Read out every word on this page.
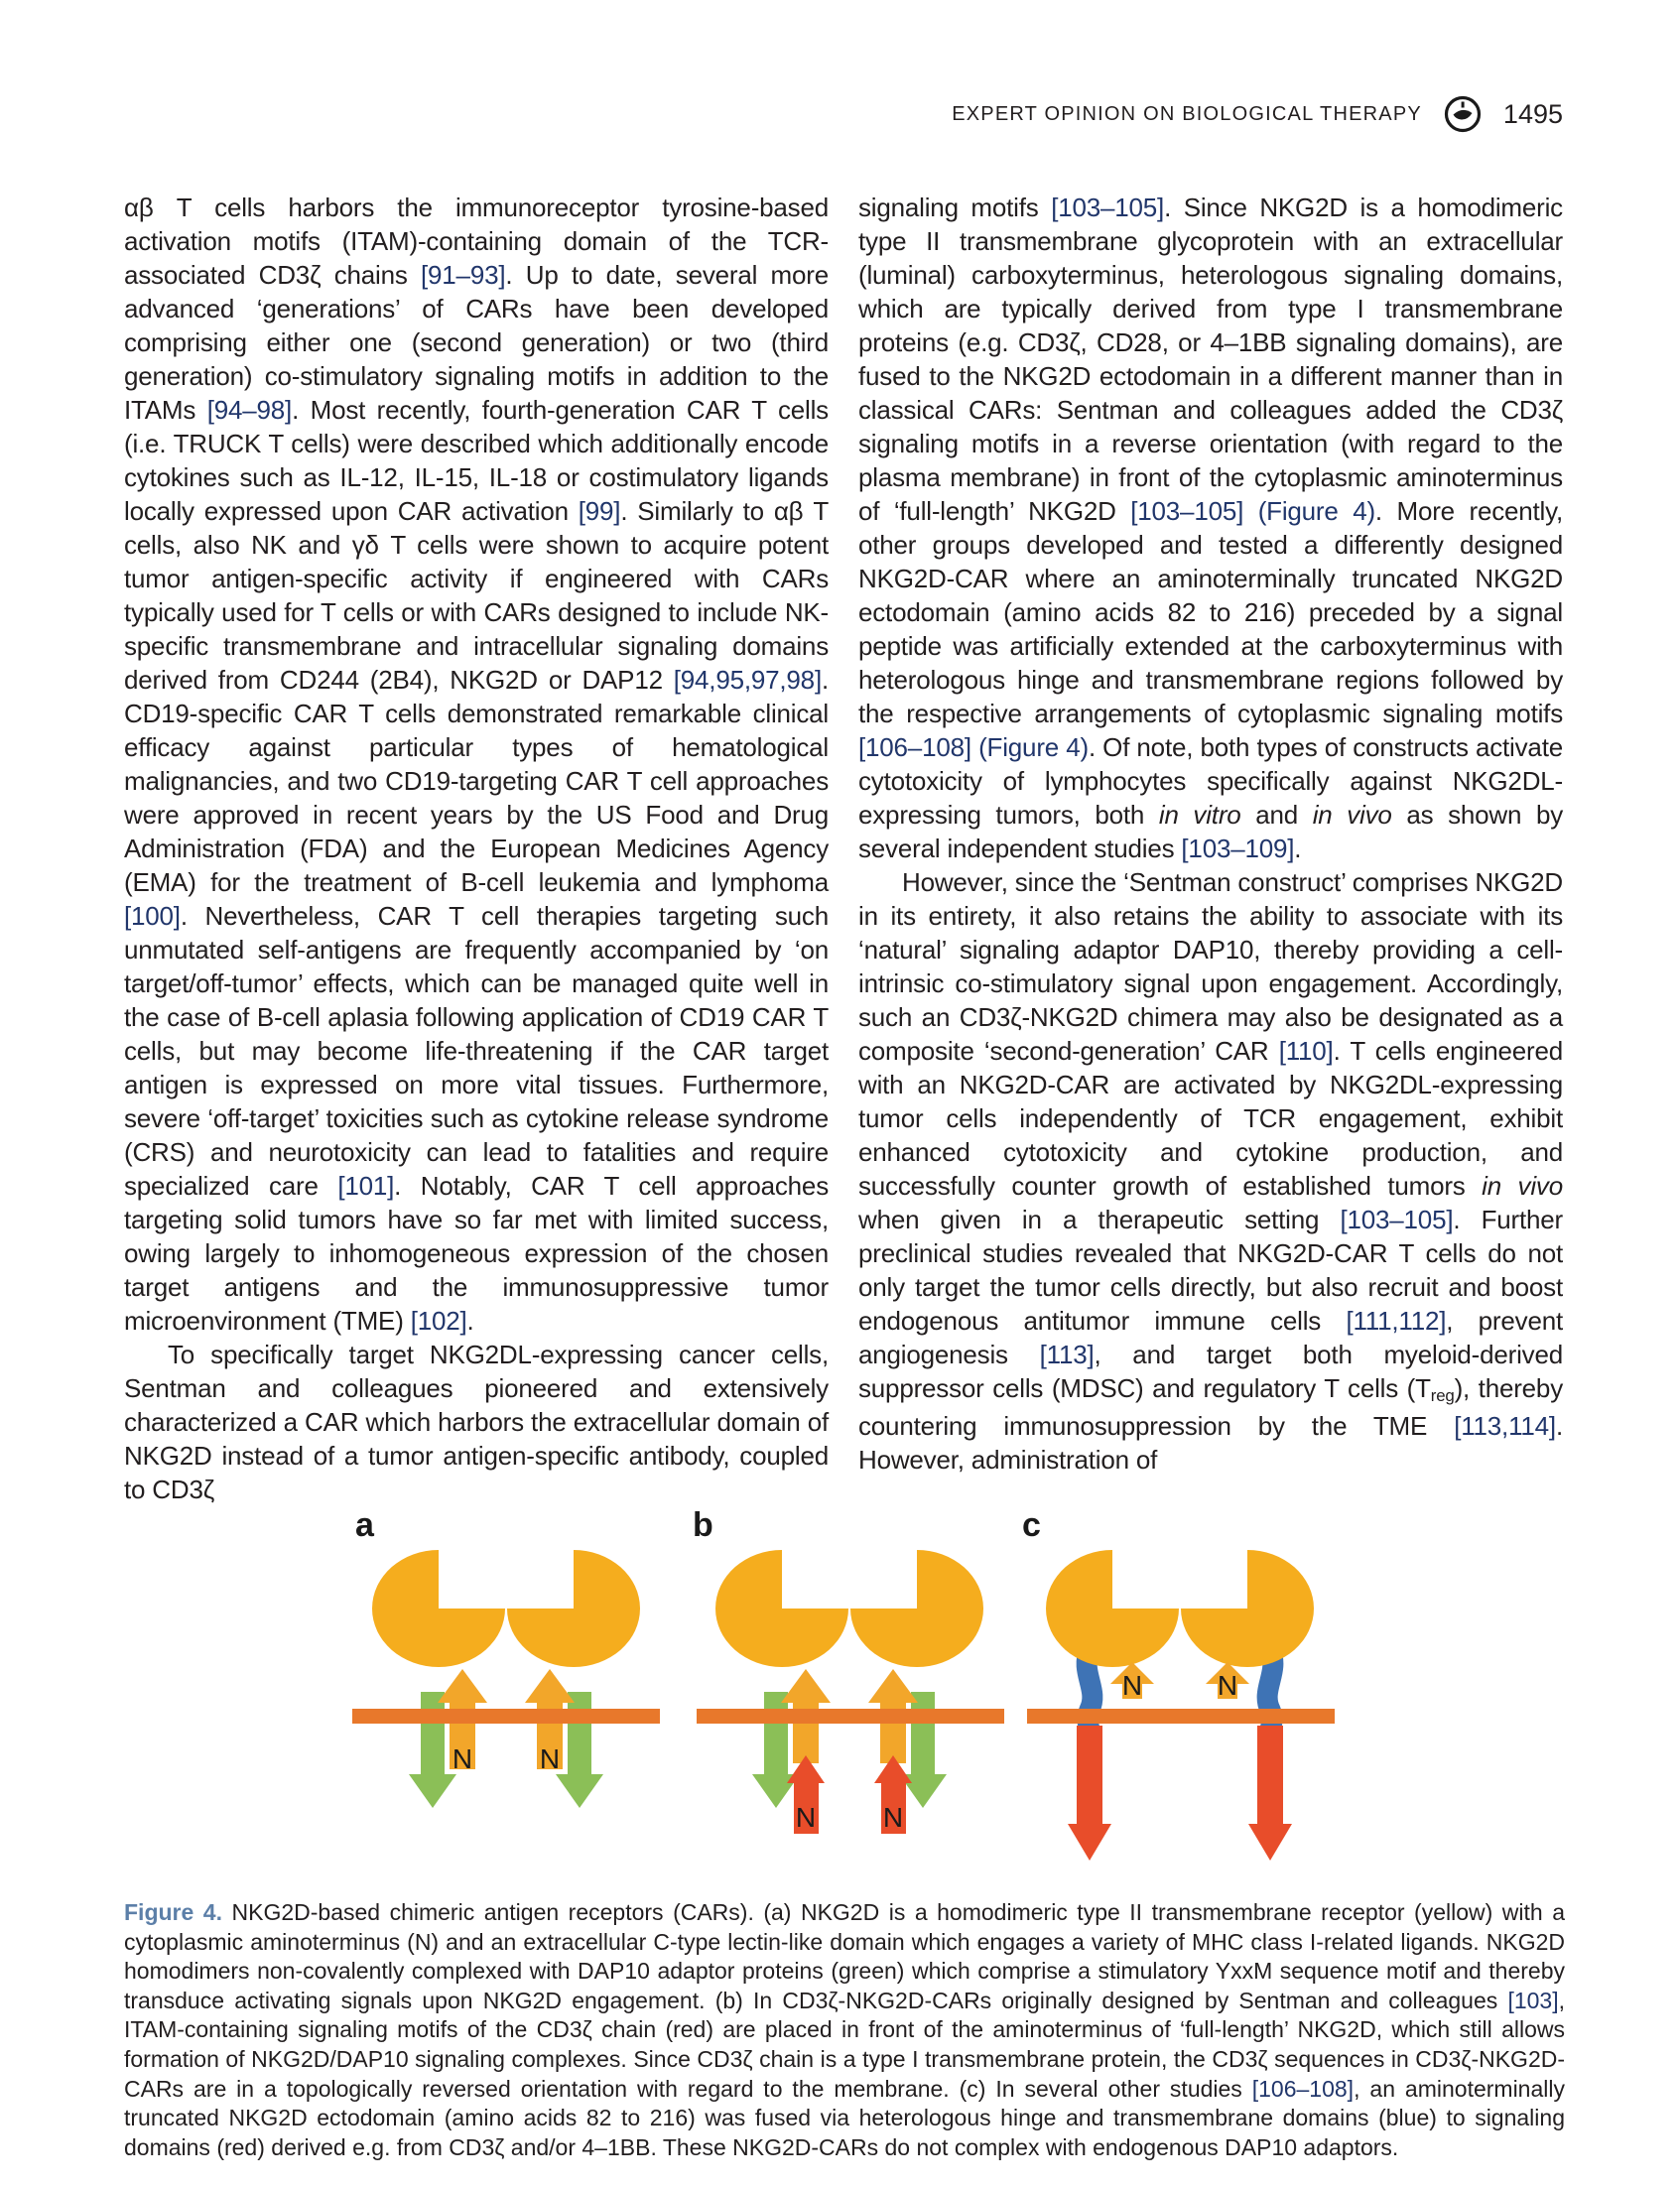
EXPERT OPINION ON BIOLOGICAL THERAPY	1495

αβ T cells harbors the immunoreceptor tyrosine-based activation motifs (ITAM)-containing domain of the TCR-associated CD3ζ chains [91–93]. Up to date, several more advanced ‘generations’ of CARs have been developed comprising either one (second generation) or two (third generation) co-stimulatory signaling motifs in addition to the ITAMs [94–98]. Most recently, fourth-generation CAR T cells (i.e. TRUCK T cells) were described which additionally encode cytokines such as IL-12, IL-15, IL-18 or costimulatory ligands locally expressed upon CAR activation [99]. Similarly to αβ T cells, also NK and γδ T cells were shown to acquire potent tumor antigen-specific activity if engineered with CARs typically used for T cells or with CARs designed to include NK-specific transmembrane and intracellular signaling domains derived from CD244 (2B4), NKG2D or DAP12 [94,95,97,98]. CD19-specific CAR T cells demonstrated remarkable clinical efficacy against particular types of hematological malignancies, and two CD19-targeting CAR T cell approaches were approved in recent years by the US Food and Drug Administration (FDA) and the European Medicines Agency (EMA) for the treatment of B-cell leukemia and lymphoma [100]. Nevertheless, CAR T cell therapies targeting such unmutated self-antigens are frequently accompanied by ‘on target/off-tumor’ effects, which can be managed quite well in the case of B-cell aplasia following application of CD19 CAR T cells, but may become life-threatening if the CAR target antigen is expressed on more vital tissues. Furthermore, severe ‘off-target’ toxicities such as cytokine release syndrome (CRS) and neurotoxicity can lead to fatalities and require specialized care [101]. Notably, CAR T cell approaches targeting solid tumors have so far met with limited success, owing largely to inhomogeneous expression of the chosen target antigens and the immunosuppressive tumor microenvironment (TME) [102].

To specifically target NKG2DL-expressing cancer cells, Sentman and colleagues pioneered and extensively characterized a CAR which harbors the extracellular domain of NKG2D instead of a tumor antigen-specific antibody, coupled to CD3ζ

signaling motifs [103–105]. Since NKG2D is a homodimeric type II transmembrane glycoprotein with an extracellular (luminal) carboxyterminus, heterologous signaling domains, which are typically derived from type I transmembrane proteins (e.g. CD3ζ, CD28, or 4–1BB signaling domains), are fused to the NKG2D ectodomain in a different manner than in classical CARs: Sentman and colleagues added the CD3ζ signaling motifs in a reverse orientation (with regard to the plasma membrane) in front of the cytoplasmic aminoterminus of ‘full-length’ NKG2D [103–105] (Figure 4). More recently, other groups developed and tested a differently designed NKG2D-CAR where an aminoterminally truncated NKG2D ectodomain (amino acids 82 to 216) preceded by a signal peptide was artificially extended at the carboxyterminus with heterologous hinge and transmembrane regions followed by the respective arrangements of cytoplasmic signaling motifs [106–108] (Figure 4). Of note, both types of constructs activate cytotoxicity of lymphocytes specifically against NKG2DL-expressing tumors, both in vitro and in vivo as shown by several independent studies [103–109].

However, since the ‘Sentman construct’ comprises NKG2D in its entirety, it also retains the ability to associate with its ‘natural’ signaling adaptor DAP10, thereby providing a cell-intrinsic co-stimulatory signal upon engagement. Accordingly, such an CD3ζ-NKG2D chimera may also be designated as a composite ‘second-generation’ CAR [110]. T cells engineered with an NKG2D-CAR are activated by NKG2DL-expressing tumor cells independently of TCR engagement, exhibit enhanced cytotoxicity and cytokine production, and successfully counter growth of established tumors in vivo when given in a therapeutic setting [103–105]. Further preclinical studies revealed that NKG2D-CAR T cells do not only target the tumor cells directly, but also recruit and boost endogenous antitumor immune cells [111,112], prevent angiogenesis [113], and target both myeloid-derived suppressor cells (MDSC) and regulatory T cells (Treg), thereby countering immunosuppression by the TME [113,114]. However, administration of

a
N N
b
N N
c
N	N

Figure 4. NKG2D-based chimeric antigen receptors (CARs). (a) NKG2D is a homodimeric type II transmembrane receptor (yellow) with a cytoplasmic aminoterminus (N) and an extracellular C-type lectin-like domain which engages a variety of MHC class I-related ligands. NKG2D homodimers non-covalently complexed with DAP10 adaptor proteins (green) which comprise a stimulatory YxxM sequence motif and thereby transduce activating signals upon NKG2D engagement. (b) In CD3ζ-NKG2D-CARs originally designed by Sentman and colleagues [103], ITAM-containing signaling motifs of the CD3ζ chain (red) are placed in front of the aminoterminus of ‘full-length’ NKG2D, which still allows formation of NKG2D/DAP10 signaling complexes. Since CD3ζ chain is a type I transmembrane protein, the CD3ζ sequences in CD3ζ-NKG2D-CARs are in a topologically reversed orientation with regard to the membrane. (c) In several other studies [106–108], an aminoterminally truncated NKG2D ectodomain (amino acids 82 to 216) was fused via heterologous hinge and transmembrane domains (blue) to signaling domains (red) derived e.g. from CD3ζ and/or 4–1BB. These NKG2D-CARs do not complex with endogenous DAP10 adaptors.
